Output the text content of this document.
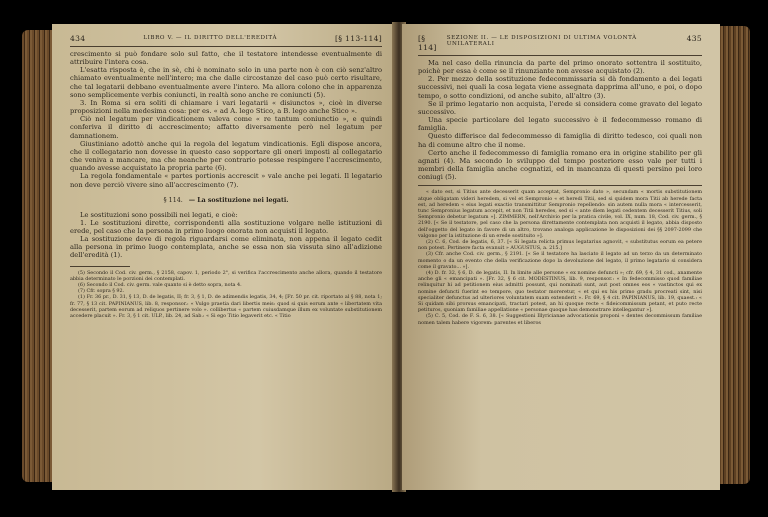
434	LIBRO V. — IL DIRITTO DELL'EREDITÀ	[§ 113-114]

crescimento si può fondare solo sul fatto, che il testatore intendesse eventualmente di attribuire l'intera cosa.

L'esatta risposta è, che in sè, chi è nominato solo in una parte non è con ciò senz'altro chiamato eventualmente nell'intero; ma che dalle circostanze del caso può certo risultare, che tal legatarii debbano eventualmente avere l'intero. Ma allora colono che in apparenza sono semplicemente verbis coniuncti, in realtà sono anche re coniuncti (5).

3. In Roma si era soliti di chiamare i vari legatarii « disiunctos », cioè in diverse proposizioni nella medesima cosa: per es. « ad A. lego Stico, a B. lego anche Stico ».

Ciò nel legatum per vindicationem valeva come « re tantum coniunctio », e quindi conferiva il diritto di accrescimento; affatto diversamente però nel legatum per damnationem.

Giustiniano adottò anche qui la regola del legatum vindicationis. Egli dispose ancora, che il collegatario non dovesse in questo caso sopportare gli oneri imposti al collegatario che veniva a mancare, ma che neanche per contrario potesse respingere l'accrescimento, quando avesse acquistato la propria parte (6).

La regola fondamentale « partes portionis accrescit » vale anche pei legati. Il legatario non deve perciò vivere sino all'accrescimento (7).

§ 114. — La sostituzione nei legati.

Le sostituzioni sono possibili nei legati, e cioè:

1. Le sostituzioni dirette, corrispondenti alla sostituzione volgare nelle istituzioni di erede, pel caso che la persona in primo luogo onorata non acquisti il legato.

La sostituzione deve di regola riguardarsi come eliminata, non appena il legato cedit alla persona in primo luogo contemplata, anche se essa non sia vissuta sino all'adizione dell'eredità (1).

(5) Secondo il Cod. civ. germ., § 2158, capov. 1, periodo 2°, si verifica l'accrescimento anche allora, quando il testatore abbia determinato le porzioni dei contemplati.

(6) Secondo il Cod. civ. germ. vale quanto si è detto sopra, nota 4.

(7) Cfr. sopra § 92.

(1) Fr. 36 pr., D. 31, § 13, D. de legatis, II; fr. 3, § 1, D. de adimendis legatis, 34, 4; [Fr. 50 pr. cit. riportato al § 88, nota 1; fr. 77, § 13 cit. PAPINIANUS, lib. 8, responsor.: « Vulgo praetia dari libertis meis: quod si quis eorum ante « libertatem vita decesserit, partem eorum ad reliquos pertinere volo ». collibertus « partem cuiusdamque illum ex voluntate substitutionem accedere placuit ». Fr. 3, § 1 cit. ULP., lib. 24, ad Sab.: « Si ego Titio legaverit etc. « Titio

[§ 114]
SEZIONE II. — LE DISPOSIZIONI DI ULTIMA VOLONTÀ UNILATERALI
435

Ma nel caso della rinuncia da parte del primo onorato sottentra il sostituito, poichè per essa è come se il rinunziante non avesse acquistato (2).

2. Per mezzo della sostituzione fedecommissaria si dà fondamento a dei legati successivi, nei quali la cosa legata viene assegnata dapprima all'uno, e poi, o dopo tempo, o sotto condizioni, od anche subito, all'altro (3).

Se il primo legatario non acquista, l'erede si considera come gravato del legato successivo.

Una specie particolare del legato successivo è il fedecommesso romano di famiglia.

Questo differisce dal fedecommesso di famiglia di diritto tedesco, coi quali non ha di comune altro che il nome.

Certo anche il fedecommesso di famiglia romano era in origine stabilito per gli agnati (4). Ma secondo lo sviluppo del tempo posteriore esso vale per tutti i membri della famiglia anche cognatizi, ed in mancanza di questi persino pei loro coniugi (5).

« dato est, si Titius ante decesserit quam acceptat, Sempronio dato », secundam « mortis substitutionem atque obligatam videri heredem, si vel et Sempronio « et heredi Titii, sed si quidem mora Titii ab herede facta est, ad heredem « eius legati exactio transmittitur Sempronio repellendo: sin autem nulla mora « intercesserit, tunc Sempronius legatum accepit, et non Titii heredes, sed si « ante diem legati cedentem decesserit Titius, soli Sempronio debetur legatum »]. ZIMMERN, nell'Archivio per la pratica civile, vol. IX, num. 18, Cod. civ. germ., § 2190. [« Se il testatore, pel caso che la persona direttamente contemplata non acquisti il legato, abbia disposto dell'oggetto del legato in favore di un altro, trovano analoga applicazione le disposizioni dei §§ 2097-2099 che valgono per la istituzione di un erede sostituito »].

(2) C. 6, Cod. de legatis, 6, 37. [« Si legata relicta primus legatarius agnovit, « substitutus eorum ea petere non potest. Pertinere facta evanuit » AUGUSTUS, a. 215.]

(3) Cfr. anche Cod. civ. germ., § 2191. [« Se il testatore ha lasciato il legato ad un terzo da un determinato momento o da un evento che della verificazione dopo la devoluzione del legato, il primo legatario si considera come il gravato... »].

(4) D. fr. 32, § 6, D. de legatis, II. In limite alle persone « ex nomine defuncti »; cfr. 69, § 4, 31 cod., anamente anche gli « emancipati ». [Fr. 32, § 6 cit. MODESTINUS, lib. 9, responsor.: « In fedecommisso quod familiae relinquitur hi ad petitionem eius admitti possunt, qui nominati sunt, aut post omnes eos « vastinctos qui ex nomine defuncti fuerint eo tempore, quo testator moreretur, « et qui ex his primo gradu procreati sint, nisi specialiter defunctus ad ulteriores voluntatem suam extenderit ». Fr. 69, § 4 cit. PAPINIANUS, lib. 19, quaest.: « Si quidam sibi prorsus emancipati, tractari potest, an hi quoque recte « fideicommissum petant, et puto recte petituros, quoniam familiae appellatione « personae quoque has demonstrare intellegantur »].

(5) C. 5, Cod. de F. S. 6, 38. [« Suggestioni Illyricianae advocationis proponi « dentes decommissum familiae nomen talem habere vigorem: parentes et liberos
